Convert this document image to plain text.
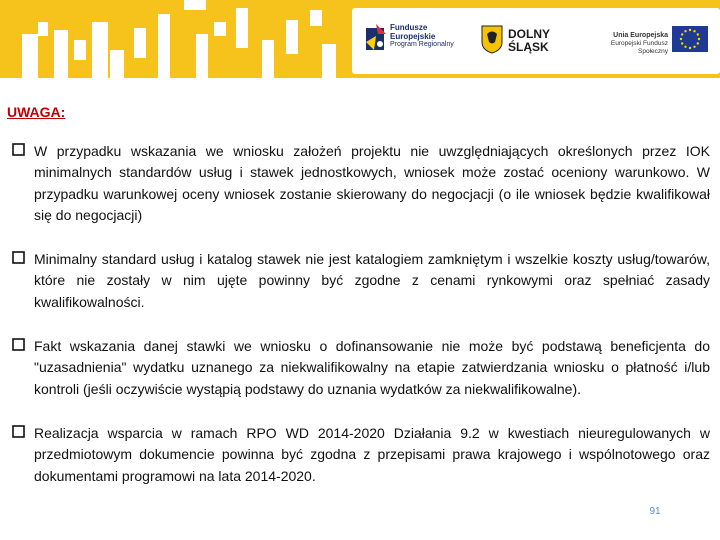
Fundusze
Europejskie
Program Regionalny
DOLNY
ŚLĄSK
Unia Europejska
Europejski Fundusz Społeczny
UWAGA:
W przypadku wskazania we wniosku założeń projektu nie uwzględniających określonych przez IOK minimalnych standardów usług i stawek jednostkowych, wniosek może zostać oceniony warunkowo. W przypadku warunkowej oceny wniosek zostanie skierowany do negocjacji (o ile wniosek będzie kwalifikował się do negocjacji)
Minimalny standard usług i katalog stawek nie jest katalogiem zamkniętym i wszelkie koszty usług/towarów, które nie zostały w nim ujęte powinny być zgodne z cenami rynkowymi oraz spełniać zasady kwalifikowalności.
Fakt wskazania danej stawki we wniosku o dofinansowanie nie może być podstawą beneficjenta do "uzasadnienia" wydatku uznanego za niekwalifikowalny na etapie zatwierdzania wniosku o płatność i/lub kontroli (jeśli oczywiście wystąpią podstawy do uznania wydatków za niekwalifikowalne).
Realizacja wsparcia w ramach RPO WD 2014-2020 Działania 9.2 w kwestiach nieuregulowanych w przedmiotowym dokumencie powinna być zgodna z przepisami prawa krajowego i wspólnotowego oraz dokumentami programowi na lata 2014-2020.
91
